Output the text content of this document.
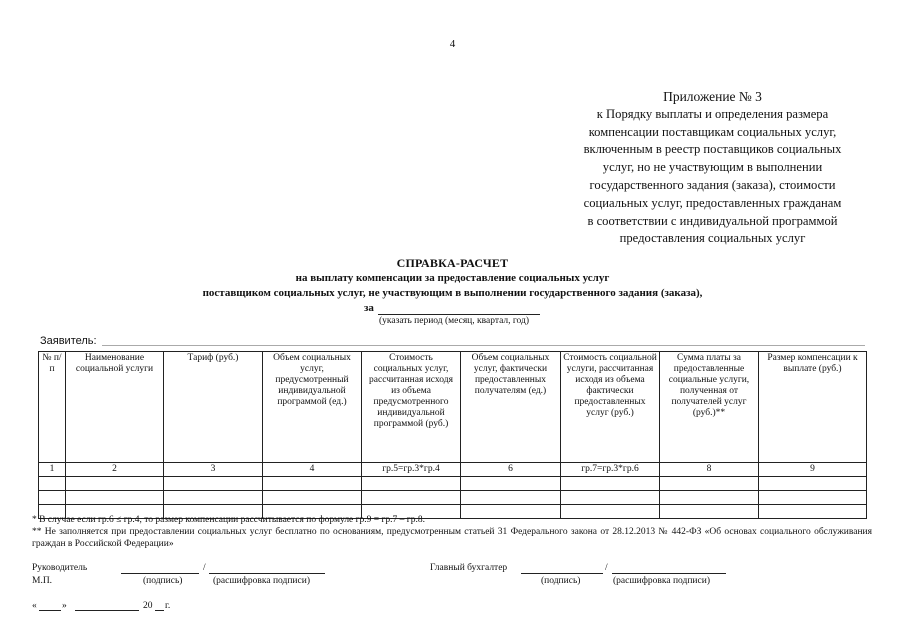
4
Приложение № 3
к Порядку выплаты и определения размера
компенсации поставщикам социальных услуг,
включенным в реестр поставщиков социальных
услуг, но не участвующим в выполнении
государственного задания (заказа), стоимости
социальных услуг, предоставленных гражданам
в соответствии с индивидуальной программой
предоставления социальных услуг
СПРАВКА-РАСЧЕТ
на выплату компенсации за предоставление социальных услуг
поставщиком социальных услуг, не участвующим в выполнении государственного задания (заказа),
за
(указать период (месяц, квартал, год)
Заявитель:
№ п/п	Наименование социальной услуги	Тариф (руб.)	Объем социальных услуг, предусмотренный индивидуальной программой (ед.)	Стоимость социальных услуг, рассчитанная исходя из объема предусмотренного индивидуальной программой (руб.)	Объем социальных услуг, фактически предоставленных получателям (ед.)	Стоимость социальной услуги, рассчитанная исходя из объема фактически предоставленных услуг (руб.)	Сумма платы за предоставленные социальные услуги, полученная от получателей услуг (руб.)**	Размер компенсации к выплате (руб.)
1	2	3	4	гр.5=гр.3*гр.4	6	гр.7=гр.3*гр.6	8	9

* В случае если гр.6 ≤ гр.4, то размер компенсации рассчитывается по формуле гр.9 = гр.7 – гр.8.
** Не заполняется при предоставлении социальных услуг бесплатно по основаниям, предусмотренным статьей 31 Федерального закона от 28.12.2013 № 442-ФЗ «Об основах социального обслуживания граждан в Российской Федерации»
Руководитель	/
М.П.	(подпись)	(расшифровка подписи)
Главный бухгалтер	/
(подпись)	(расшифровка подписи)
«	»	20 г.
